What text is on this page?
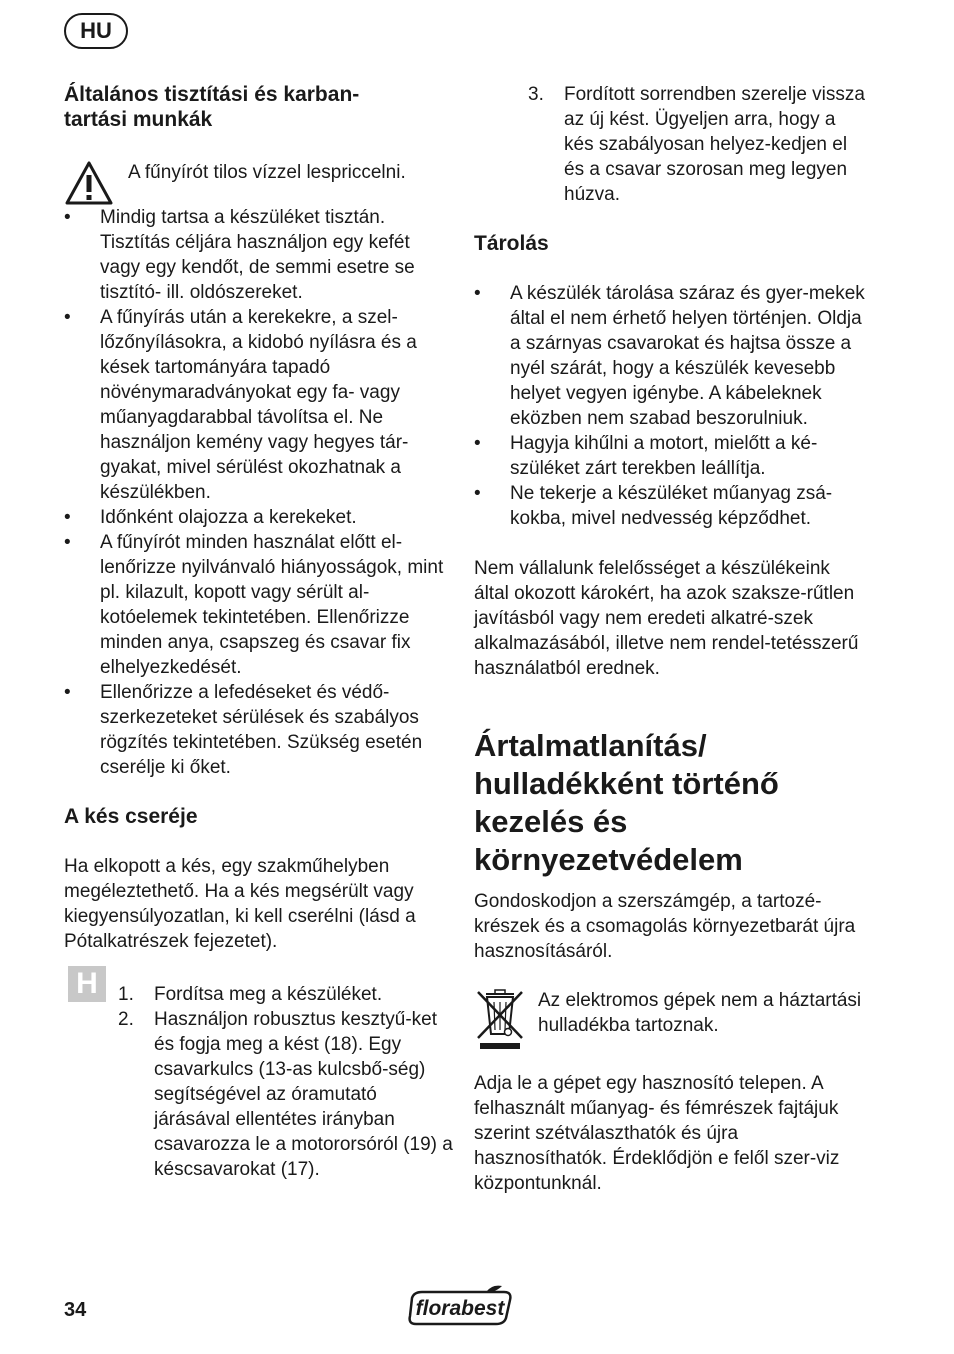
HU

Általános tisztítási és karban-
tartási munkák

A fűnyírót tilos vízzel lespriccelni.

• Mindig tartsa a készüléket tisztán. Tisztítás céljára használjon egy kefét vagy egy kendőt, de semmi esetre se tisztító- ill. oldószereket.
• A fűnyírás után a kerekekre, a szel-lőzőnyílásokra, a kidobó nyílásra és a kések tartományára tapadó növénymaradványokat egy fa- vagy műanyagdarabbal távolítsa el. Ne használjon kemény vagy hegyes tár-gyakat, mivel sérülést okozhatnak a készülékben.
• Időnként olajozza a kerekeket.
• A fűnyírót minden használat előtt el-lenőrizze nyilvánvaló hiányosságok, mint pl. kilazult, kopott vagy sérült al-kotóelemek tekintetében. Ellenőrizze minden anya, csapszeg és csavar fix elhelyezkedését.
• Ellenőrizze a lefedéseket és védő-szerkezeteket sérülések és szabályos rögzítés tekintetében. Szükség esetén cserélje ki őket.

A kés cseréje

Ha elkopott a kés, egy szakműhelyben megéleztethető. Ha a kés megsérült vagy kiegyensúlyozatlan, ki kell cserélni (lásd a Pótalkatrészek fejezetet).

1. Fordítsa meg a készüléket.
2. Használjon robusztus kesztyű-ket és fogja meg a kést (18). Egy csavarkulcs (13-as kulcsbő-ség) segítségével az óramutató járásával ellentétes irányban csavarozza le a motororsóról (19) a késcsavarokat (17).
H
3. Fordított sorrendben szerelje vissza az új kést. Ügyeljen arra, hogy a kés szabályosan helyez-kedjen el és a csavar szorosan meg legyen húzva.

Tárolás

• A készülék tárolása száraz és gyer-mekek által el nem érhető helyen történjen. Oldja a szárnyas csavarokat és hajtsa össze a nyél szárát, hogy a készülék kevesebb helyet vegyen igénybe. A kábeleknek eközben nem szabad beszorulniuk.
• Hagyja kihűlni a motort, mielőtt a ké-szüléket zárt terekben leállítja.
• Ne tekerje a készüléket műanyag zsá-kokba, mivel nedvesség képződhet.

Nem vállalunk felelősséget a készülékeink által okozott károkért, ha azok szaksze-rűtlen javításból vagy nem eredeti alkatré-szek alkalmazásából, illetve nem rendel-tetésszerű használatból erednek.

Ártalmatlanítás/ hulladékként történő kezelés és környezetvédelem

Gondoskodjon a szerszámgép, a tartozé-krészek és a csomagolás környezetbarát újra hasznosításáról.

Az elektromos gépek nem a háztartási hulladékba tartoznak.

Adja le a gépet egy hasznosító telepen. A felhasznált műanyag- és fémrészek fajtájuk szerint szétválaszthatók és újra hasznosíthatók. Érdeklődjön e felől szer-viz központunknál.

34	florabest
